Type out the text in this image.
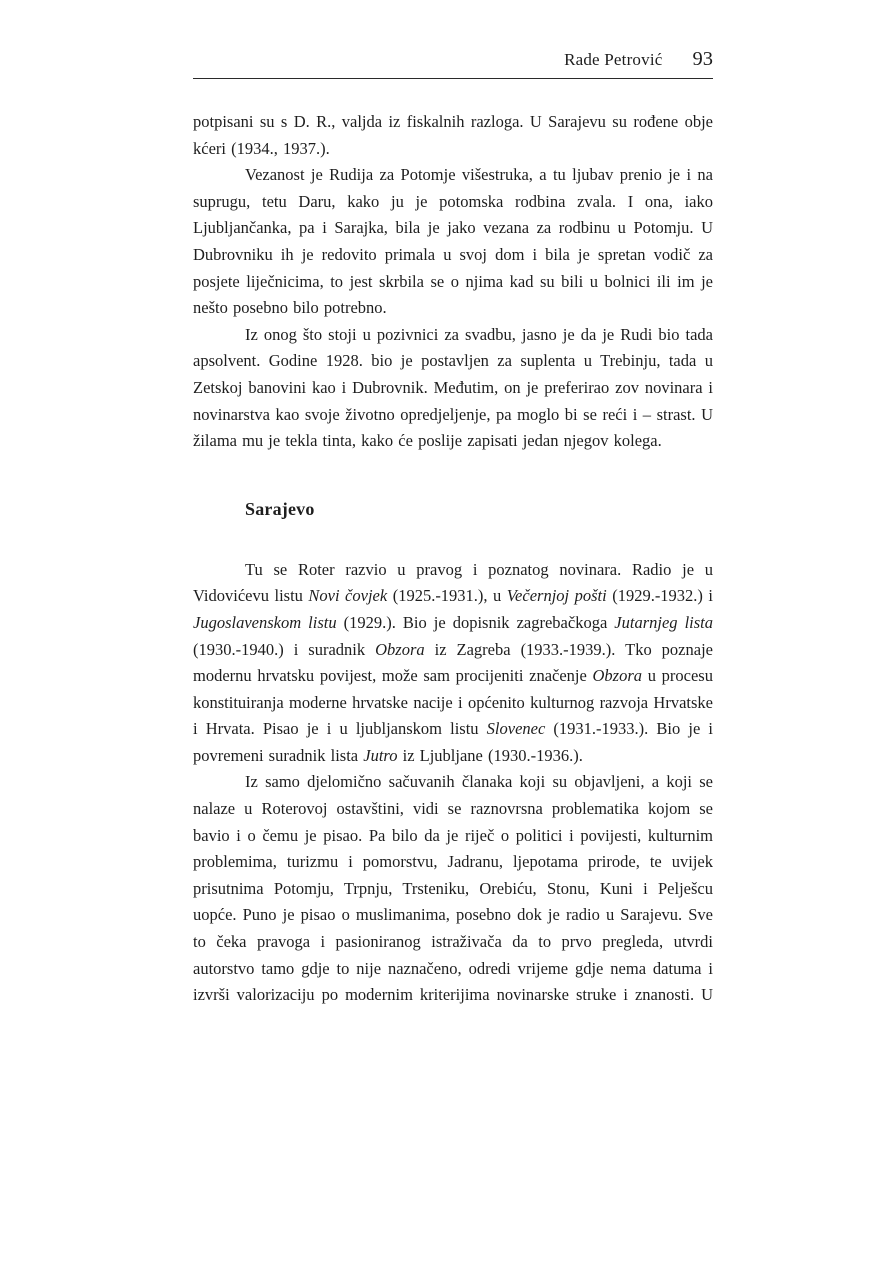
Rade Petrović 93

potpisani su s D. R., valjda iz fiskalnih razloga. U Sarajevu su rođene obje kćeri (1934., 1937.).

Vezanost je Rudija za Potomje višestruka, a tu ljubav prenio je i na suprugu, tetu Daru, kako ju je potomska rodbina zvala. I ona, iako Ljubljančanka, pa i Sarajka, bila je jako vezana za rodbinu u Potomju. U Dubrovniku ih je redovito primala u svoj dom i bila je spretan vodič za posjete liječnicima, to jest skrbila se o njima kad su bili u bolnici ili im je nešto posebno bilo potrebno.

Iz onog što stoji u pozivnici za svadbu, jasno je da je Rudi bio tada apsolvent. Godine 1928. bio je postavljen za suplenta u Trebinju, tada u Zetskoj banovini kao i Dubrovnik. Međutim, on je preferirao zov novinara i novinarstva kao svoje životno opredjeljenje, pa moglo bi se reći i – strast. U žilama mu je tekla tinta, kako će poslije zapisati jedan njegov kolega.

Sarajevo

Tu se Roter razvio u pravog i poznatog novinara. Radio je u Vidovićevu listu Novi čovjek (1925.-1931.), u Večernjoj pošti (1929.-1932.) i Jugoslavenskom listu (1929.). Bio je dopisnik zagrebačkoga Jutarnjeg lista (1930.-1940.) i suradnik Obzora iz Zagreba (1933.-1939.). Tko poznaje modernu hrvatsku povijest, može sam procijeniti značenje Obzora u procesu konstituiranja moderne hrvatske nacije i općenito kulturnog razvoja Hrvatske i Hrvata. Pisao je i u ljubljanskom listu Slovenec (1931.-1933.). Bio je i povremeni suradnik lista Jutro iz Ljubljane (1930.-1936.).

Iz samo djelomično sačuvanih članaka koji su objavljeni, a koji se nalaze u Roterovoj ostavštini, vidi se raznovrsna problematika kojom se bavio i o čemu je pisao. Pa bilo da je riječ o politici i povijesti, kulturnim problemima, turizmu i pomorstvu, Jadranu, ljepotama prirode, te uvijek prisutnima Potomju, Trpnju, Trsteniku, Orebiću, Stonu, Kuni i Pelješcu uopće. Puno je pisao o muslimanima, posebno dok je radio u Sarajevu. Sve to čeka pravoga i pasioniranog istraživača da to prvo pregleda, utvrdi autorstvo tamo gdje to nije naznačeno, odredi vrijeme gdje nema datuma i izvrši valorizaciju po modernim kriterijima novinarske struke i znanosti. U
